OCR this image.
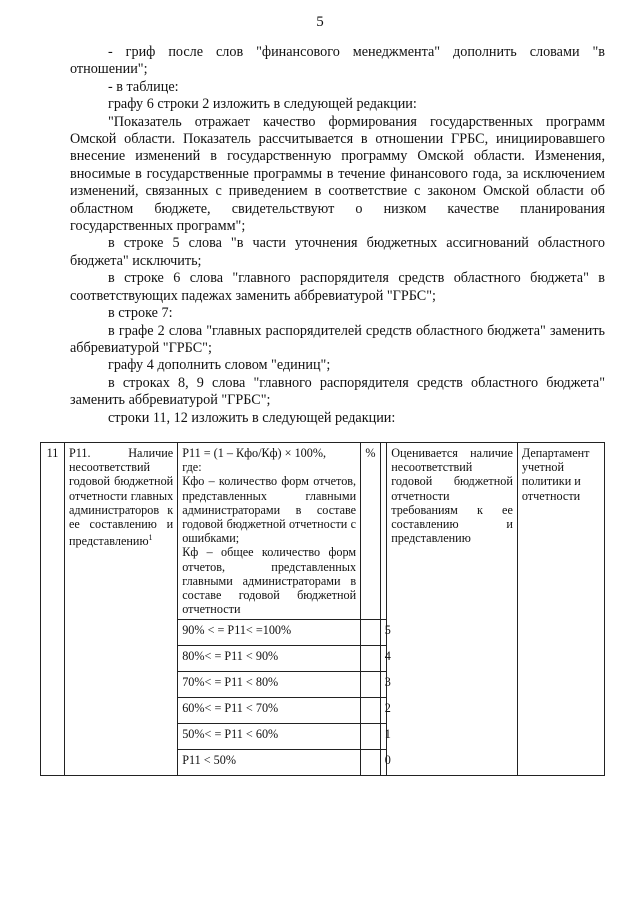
5

- гриф после слов "финансового менеджмента" дополнить словами "в отношении";

- в таблице:

графу 6 строки 2 изложить в следующей редакции:

"Показатель отражает качество формирования государственных программ Омской области. Показатель рассчитывается в отношении ГРБС, инициировавшего внесение изменений в государственную программу Омской области. Изменения, вносимые в государственные программы в течение финансового года, за исключением изменений, связанных с приведением в соответствие с законом Омской области об областном бюджете, свидетельствуют о низком качестве планирования государственных программ";

в строке 5 слова "в части уточнения бюджетных ассигнований областного бюджета" исключить;

в строке 6 слова "главного распорядителя средств областного бюджета" в соответствующих падежах заменить аббревиатурой "ГРБС";

в строке 7:

в графе 2 слова "главных распорядителей средств областного бюджета" заменить аббревиатурой "ГРБС";

графу 4 дополнить словом "единиц";

в строках 8, 9 слова "главного распорядителя средств областного бюджета" заменить аббревиатурой "ГРБС";

строки 11, 12 изложить в следующей редакции:

11	Р11. Наличие несоответствий годовой бюджетной отчетности главных администраторов к ее составлению и представлению$^1$	Р11 = (1 – Кфо/Кф) × 100%,
где:
Кфо – количество форм отчетов, представленных главными администраторами в составе годовой бюджетной отчетности с ошибками;
Кф – общее количество форм отчетов, представленных главными администраторами в составе годовой бюджетной отчетности	%		Оценивается наличие несоответствий годовой бюджетной отчетности требованиям к ее составлению и представлению	Департамент учетной политики и отчетности
		90% < = Р11< =100%		5		
		80%< = Р11 < 90%		4		
		70%< = Р11 < 80%		3		
		60%< = Р11 < 70%		2		
		50%< = Р11 < 60%		1		
		Р11 < 50%		0		
